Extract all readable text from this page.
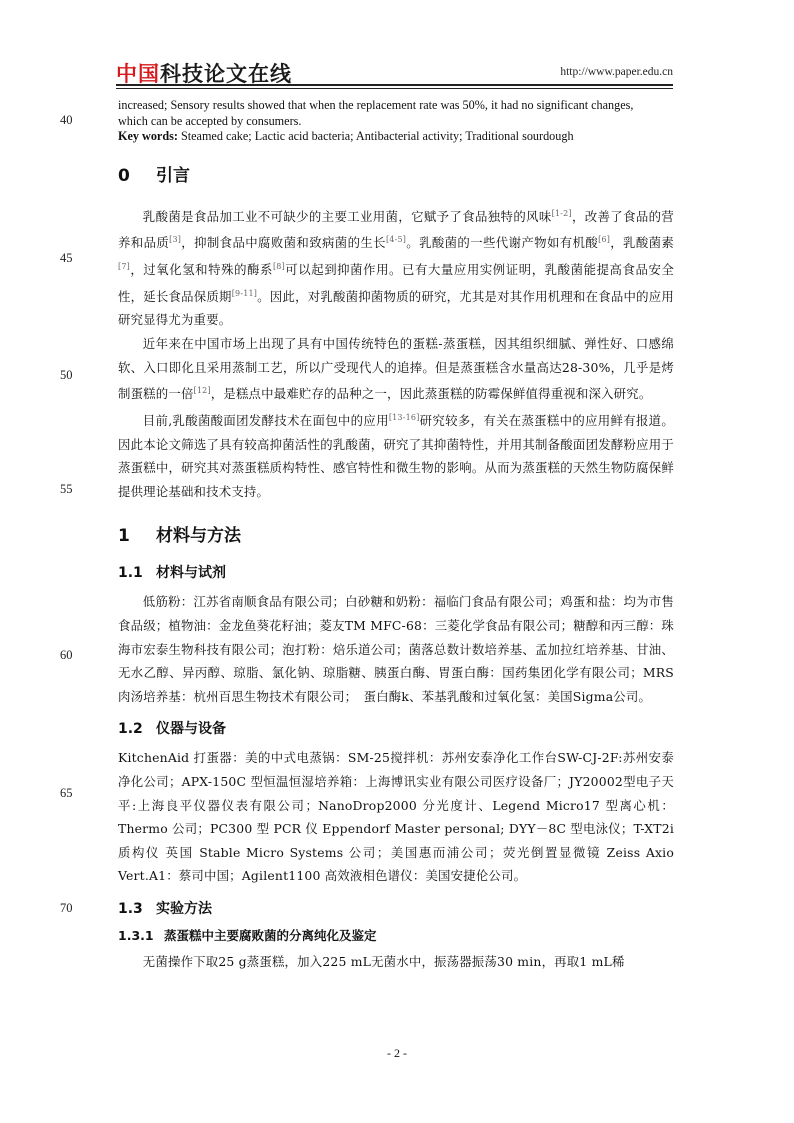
中国科技论文在线	http://www.paper.edu.cn
40
45
50
55
60
65
70

increased; Sensory results showed that when the replacement rate was 50%, it had no significant changes,

which can be accepted by consumers.

Key words: Steamed cake; Lactic acid bacteria; Antibacterial activity; Traditional sourdough

0 引言

乳酸菌是食品加工业不可缺少的主要工业用菌，它赋予了食品独特的风味[1-2]，改善了食品的营养和品质[3]，抑制食品中腐败菌和致病菌的生长[4-5]。乳酸菌的一些代谢产物如有机酸[6]，乳酸菌素[7]，过氧化氢和特殊的酶系[8]可以起到抑菌作用。已有大量应用实例证明，乳酸菌能提高食品安全性，延长食品保质期[9-11]。因此，对乳酸菌抑菌物质的研究，尤其是对其作用机理和在食品中的应用研究显得尤为重要。

近年来在中国市场上出现了具有中国传统特色的蛋糕-蒸蛋糕，因其组织细腻、弹性好、口感绵软、入口即化且采用蒸制工艺，所以广受现代人的追捧。但是蒸蛋糕含水量高达28-30%，几乎是烤制蛋糕的一倍[12]，是糕点中最难贮存的品种之一，因此蒸蛋糕的防霉保鲜值得重视和深入研究。

目前,乳酸菌酸面团发酵技术在面包中的应用[13-16]研究较多，有关在蒸蛋糕中的应用鲜有报道。因此本论文筛选了具有较高抑菌活性的乳酸菌，研究了其抑菌特性，并用其制备酸面团发酵粉应用于蒸蛋糕中，研究其对蒸蛋糕质构特性、感官特性和微生物的影响。从而为蒸蛋糕的天然生物防腐保鲜提供理论基础和技术支持。

1 材料与方法
1.1 材料与试剂

低筋粉：江苏省南顺食品有限公司；白砂糖和奶粉：福临门食品有限公司；鸡蛋和盐：均为市售食品级；植物油：金龙鱼葵花籽油；菱友TM MFC-68：三菱化学食品有限公司；糖醇和丙三醇：珠海市宏泰生物科技有限公司；泡打粉：焙乐道公司；菌落总数计数培养基、孟加拉红培养基、甘油、无水乙醇、异丙醇、琼脂、氯化钠、琼脂糖、胰蛋白酶、胃蛋白酶：国药集团化学有限公司；MRS肉汤培养基：杭州百思生物技术有限公司；　蛋白酶k、苯基乳酸和过氧化氢：美国Sigma公司。

1.2 仪器与设备

KitchenAid 打蛋器：美的中式电蒸锅：SM-25搅拌机：苏州安泰净化工作台SW-CJ-2F:苏州安泰净化公司；APX-150C 型恒温恒湿培养箱：上海博讯实业有限公司医疗设备厂；JY20002型电子天平:上海良平仪器仪表有限公司；NanoDrop2000 分光度计、Legend Micro17 型离心机：Thermo 公司；PC300 型 PCR 仪 Eppendorf Master personal; DYY－8C 型电泳仪；T-XT2i 质构仪 英国 Stable Micro Systems 公司；美国惠而浦公司；荧光倒置显微镜 Zeiss Axio Vert.A1：蔡司中国；Agilent1100 高效液相色谱仪：美国安捷伦公司。

1.3 实验方法
1.3.1 蒸蛋糕中主要腐败菌的分离纯化及鉴定

无菌操作下取25 g蒸蛋糕，加入225 mL无菌水中，振荡器振荡30 min，再取1 mL稀

- 2 -
